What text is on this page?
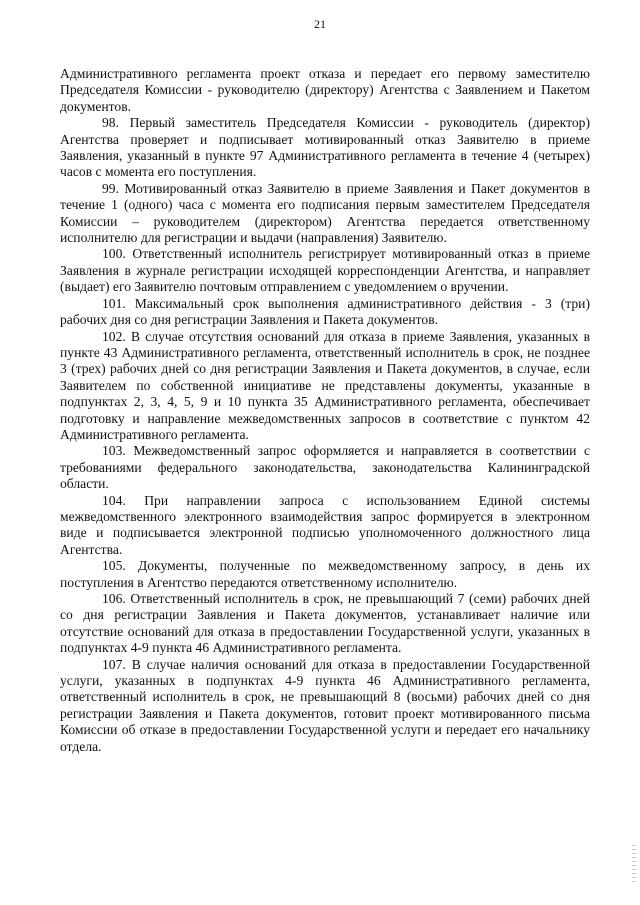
21

Административного регламента проект отказа и передает его первому заместителю Председателя Комиссии - руководителю (директору) Агентства с Заявлением и Пакетом документов.

98. Первый заместитель Председателя Комиссии - руководитель (директор) Агентства проверяет и подписывает мотивированный отказ Заявителю в приеме Заявления, указанный в пункте 97 Административного регламента в течение 4 (четырех) часов с момента его поступления.

99. Мотивированный отказ Заявителю в приеме Заявления и Пакет документов в течение 1 (одного) часа с момента его подписания первым заместителем Председателя Комиссии – руководителем (директором) Агентства передается ответственному исполнителю для регистрации и выдачи (направления) Заявителю.

100. Ответственный исполнитель регистрирует мотивированный отказ в приеме Заявления в журнале регистрации исходящей корреспонденции Агентства, и направляет (выдает) его Заявителю почтовым отправлением с уведомлением о вручении.

101. Максимальный срок выполнения административного действия - 3 (три) рабочих дня со дня регистрации Заявления и Пакета документов.

102. В случае отсутствия оснований для отказа в приеме Заявления, указанных в пункте 43 Административного регламента, ответственный исполнитель в срок, не позднее 3 (трех) рабочих дней со дня регистрации Заявления и Пакета документов, в случае, если Заявителем по собственной инициативе не представлены документы, указанные в подпунктах 2, 3, 4, 5, 9 и 10 пункта 35 Административного регламента, обеспечивает подготовку и направление межведомственных запросов в соответствие с пунктом 42 Административного регламента.

103. Межведомственный запрос оформляется и направляется в соответствии с требованиями федерального законодательства, законодательства Калининградской области.

104. При направлении запроса с использованием Единой системы межведомственного электронного взаимодействия запрос формируется в электронном виде и подписывается электронной подписью уполномоченного должностного лица Агентства.

105. Документы, полученные по межведомственному запросу, в день их поступления в Агентство передаются ответственному исполнителю.

106. Ответственный исполнитель в срок, не превышающий 7 (семи) рабочих дней со дня регистрации Заявления и Пакета документов, устанавливает наличие или отсутствие оснований для отказа в предоставлении Государственной услуги, указанных в подпунктах 4-9 пункта 46 Административного регламента.

107. В случае наличия оснований для отказа в предоставлении Государственной услуги, указанных в подпунктах 4-9 пункта 46 Административного регламента, ответственный исполнитель в срок, не превышающий 8 (восьми) рабочих дней со дня регистрации Заявления и Пакета документов, готовит проект мотивированного письма Комиссии об отказе в предоставлении Государственной услуги и передает его начальнику отдела.
